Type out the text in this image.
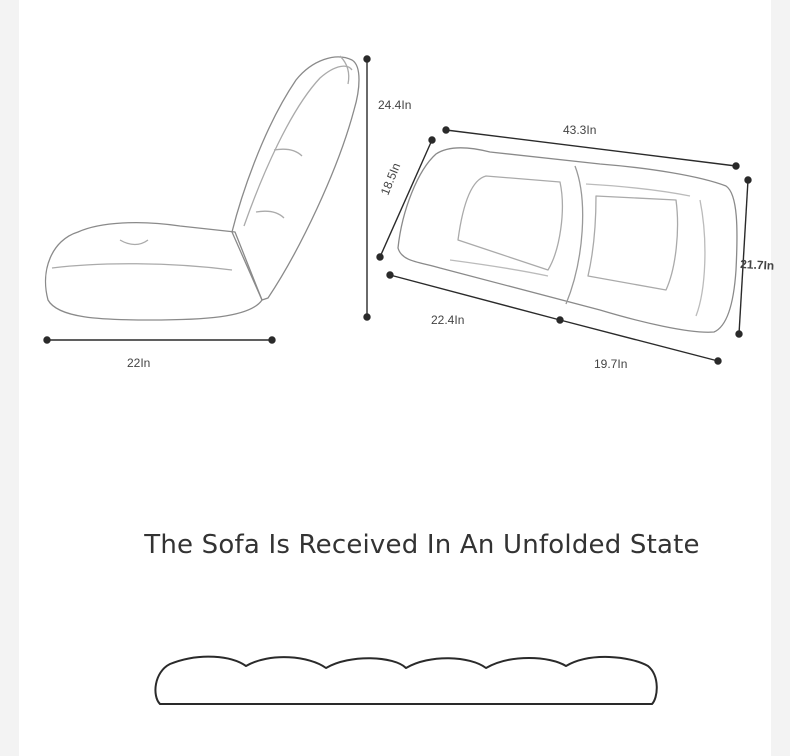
24.4In
22In
43.3In
18.5In
21.7In
22.4In
19.7In
The Sofa Is Received In An Unfolded State
